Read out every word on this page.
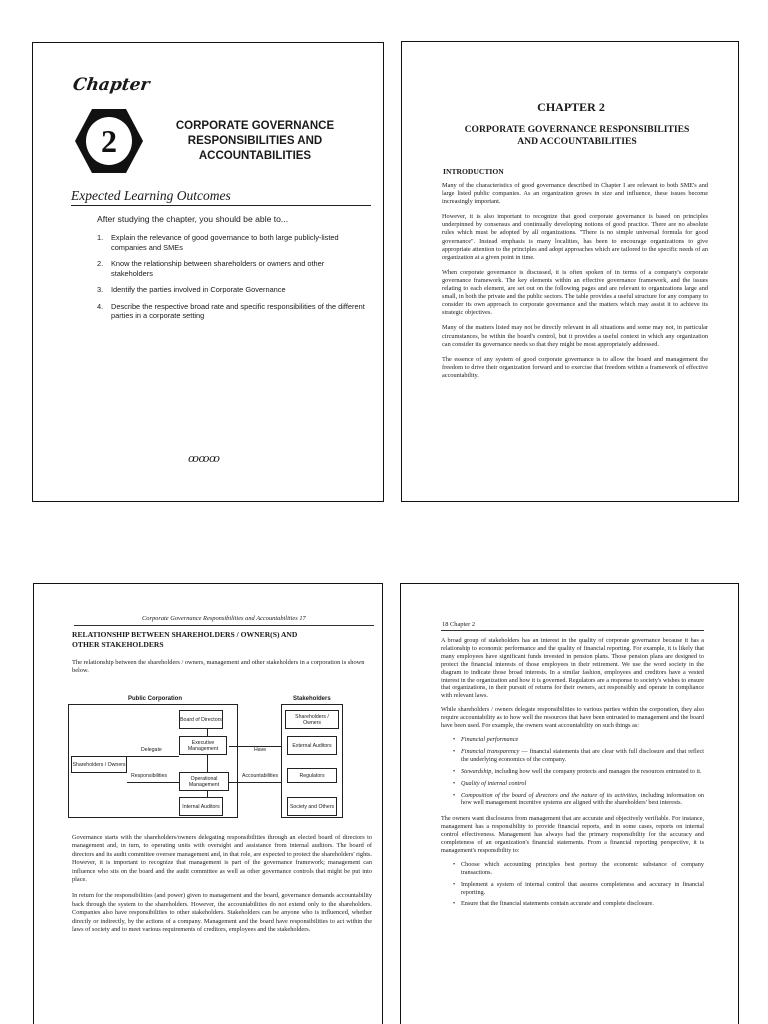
Chapter
2	CORPORATE GOVERNANCE
RESPONSIBILITIES AND
ACCOUNTABILITIES
Expected Learning Outcomes
After studying the chapter, you should be able to...
1. Explain the relevance of good governance to both large publicly-listed companies and SMEs
2. Know the relationship between shareholders or owners and other stakeholders
3. Identify the parties involved in Corporate Governance
4. Describe the respective broad rate and specific responsibilities of the different parties in a corporate setting
ꝏꝏꝏ
CHAPTER 2
CORPORATE GOVERNANCE RESPONSIBILITIES
AND ACCOUNTABILITIES
INTRODUCTION

Many of the characteristics of good governance described in Chapter I are relevant to both SME's and large listed public companies. As an organization grows in size and influence, these issues become increasingly important.

However, it is also important to recognize that good corporate governance is based on principles underpinned by consensus and continually developing notions of good practice. There are no absolute rules which must be adopted by all organizations. "There is no simple universal formula for good governance". Instead emphasis is many localities, has been to encourage organizations to give appropriate attention to the principles and adopt approaches which are tailored to the specific needs of an organization at a given point in time.

When corporate governance is discussed, it is often spoken of in terms of a company's corporate governance framework. The key elements within an effective governance framework, and the issues relating to each element, are set out on the following pages and are relevant to organizations large and small, in both the private and the public sectors. The table provides a useful structure for any company to consider its own approach to corporate governance and the matters which may assist it to achieve its strategic objectives.

Many of the matters listed may not be directly relevant in all situations and some may not, in particular circumstances, be within the board's control, but it provides a useful context in which any organization can consider its governance needs so that they might be most appropriately addressed.

The essence of any system of good corporate governance is to allow the board and management the freedom to drive their organization forward and to exercise that freedom within a framework of effective accountability.

Corporate Governance Responsibilities and Accountabilities 17
RELATIONSHIP BETWEEN SHAREHOLDERS / OWNER(S) AND
OTHER STAKEHOLDERS
The relationship between the shareholders / owners, management and other stakeholders in a corporation is shown below.
Public Corporation	Stakeholders
Board of Directors
Executive Management
Operational Management
Internal Auditors
Shareholders / Owners
Delegate
Responsibilities
Have
Accountabilities
Shareholders / Owners
External Auditors
Regulators
Society and Others

Governance starts with the shareholders/owners delegating responsibilities through an elected board of directors to management and, in turn, to operating units with oversight and assistance from internal auditors. The board of directors and its audit committee oversee management and, in that role, are expected to protect the shareholders' rights. However, it is important to recognize that management is part of the governance framework; management can influence who sits on the board and the audit committee as well as other governance controls that might be put into place.

In return for the responsibilities (and power) given to management and the board, governance demands accountability back through the system to the shareholders. However, the accountabilities do not extend only to the shareholders. Companies also have responsibilities to other stakeholders. Stakeholders can be anyone who is influenced, whether directly or indirectly, by the actions of a company. Management and the board have responsibilities to act within the laws of society and to meet various requirements of creditors, employees and the stakeholders.

18 Chapter 2

A broad group of stakeholders has an interest in the quality of corporate governance because it has a relationship to economic performance and the quality of financial reporting. For example, it is likely that many employees have significant funds invested in pension plans. Those pension plans are designed to protect the financial interests of those employees in their retirement. We use the word society in the diagram to indicate those broad interests. In a similar fashion, employees and creditors have a vested interest in the organization and how it is governed. Regulators are a response to society's wishes to ensure that organizations, in their pursuit of returns for their owners, act responsibly and operate in compliance with relevant laws.

While shareholders / owners delegate responsibilities to various parties within the corporation, they also require accountability as to how well the resources that have been entrusted to management and the board have been used. For example, the owners want accountability on such things as:

• Financial performance
• Financial transparency — financial statements that are clear with full disclosure and that reflect the underlying economics of the company.
• Stewardship, including how well the company protects and manages the resources entrusted to it.
• Quality of internal control
• Composition of the board of directors and the nature of its activities, including information on how well management incentive systems are aligned with the shareholders' best interests.

The owners want disclosures from management that are accurate and objectively verifiable. For instance, management has a responsibility to provide financial reports, and in some cases, reports on internal control effectiveness. Management has always had the primary responsibility for the accuracy and completeness of an organization's financial statements. From a financial reporting perspective, it is management's responsibility to:

• Choose which accounting principles best portray the economic substance of company transactions.
• Implement a system of internal control that assures completeness and accuracy in financial reporting.
• Ensure that the financial statements contain accurate and complete disclosure.
